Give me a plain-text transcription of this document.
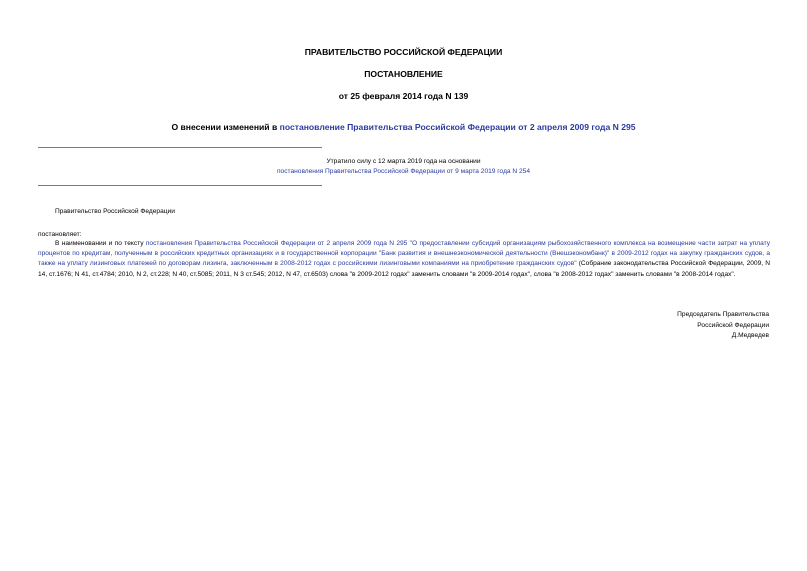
ПРАВИТЕЛЬСТВО РОССИЙСКОЙ ФЕДЕРАЦИИ
ПОСТАНОВЛЕНИЕ
от 25 февраля 2014 года N 139
О внесении изменений в постановление Правительства Российской Федерации от 2 апреля 2009 года N 295
Утратило силу с 12 марта 2019 года на основании
постановления Правительства Российской Федерации от 9 марта 2019 года N 254
Правительство Российской Федерации
постановляет:
В наименовании и по тексту постановления Правительства Российской Федерации от 2 апреля 2009 года N 295 "О предоставлении субсидий организациям рыбохозяйственного комплекса на возмещение части затрат на уплату процентов по кредитам, полученным в российских кредитных организациях и в государственной корпорации "Банк развития и внешнеэкономической деятельности (Внешэкономбанк)" в 2009-2012 годах на закупку гражданских судов, а также на уплату лизинговых платежей по договорам лизинга, заключенным в 2008-2012 годах с российскими лизинговыми компаниями на приобретение гражданских судов" (Собрание законодательства Российской Федерации, 2009, N 14, ст.1676; N 41, ст.4784; 2010, N 2, ст.228; N 40, ст.5085; 2011, N 3 ст.545; 2012, N 47, ст.6503) слова "в 2009-2012 годах" заменить словами "в 2009-2014 годах", слова "в 2008-2012 годах" заменить словами "в 2008-2014 годах".
Председатель Правительства
Российской Федерации
Д.Медведев
